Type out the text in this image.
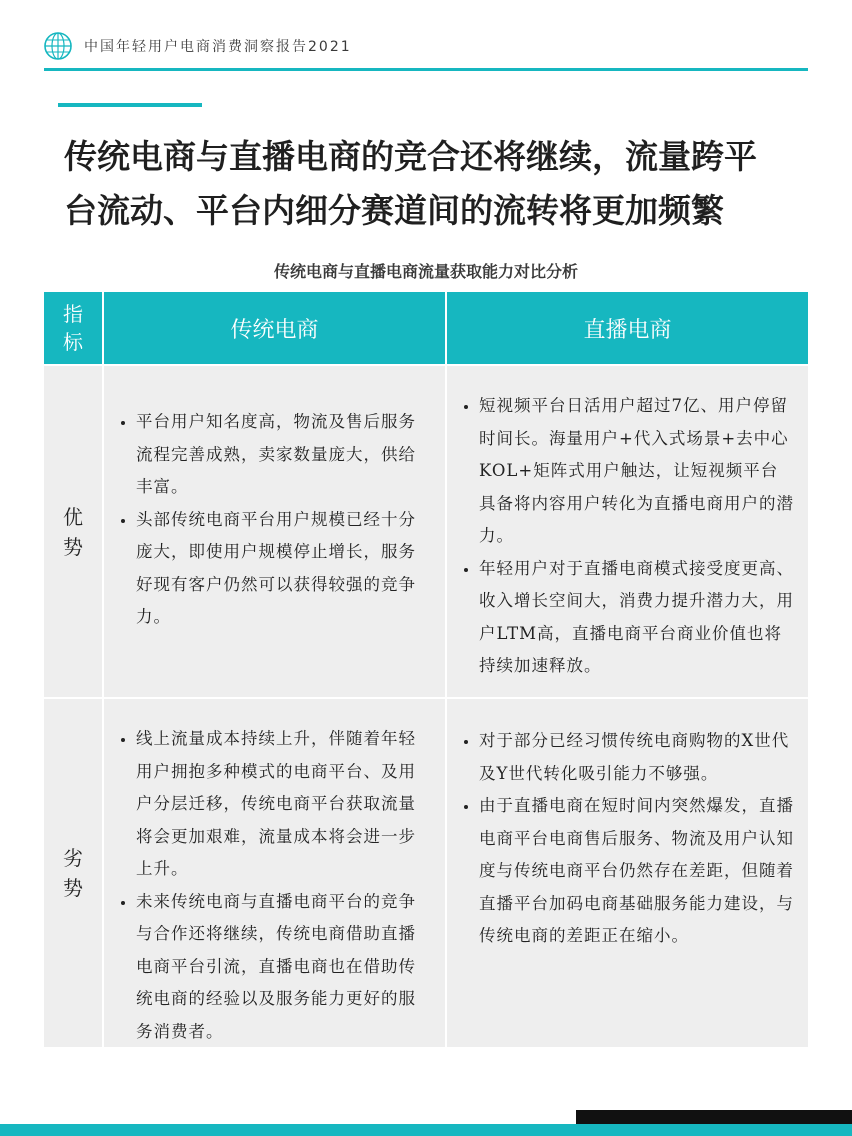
中国年轻用户电商消费洞察报告2021
传统电商与直播电商的竞合还将继续，流量跨平
台流动、平台内细分赛道间的流转将更加频繁
传统电商与直播电商流量获取能力对比分析
指
标	传统电商	直播电商
优
势
• 平台用户知名度高，物流及售后服务流程完善成熟，卖家数量庞大，供给丰富。
• 头部传统电商平台用户规模已经十分庞大，即使用户规模停止增长，服务好现有客户仍然可以获得较强的竞争力。
• 短视频平台日活用户超过7亿、用户停留时间长。海量用户+代入式场景+去中心KOL+矩阵式用户触达，让短视频平台具备将内容用户转化为直播电商用户的潜力。
• 年轻用户对于直播电商模式接受度更高、收入增长空间大，消费力提升潜力大，用户LTM高，直播电商平台商业价值也将持续加速释放。
劣
势
• 线上流量成本持续上升，伴随着年轻用户拥抱多种模式的电商平台、及用户分层迁移，传统电商平台获取流量将会更加艰难，流量成本将会进一步上升。
• 未来传统电商与直播电商平台的竞争与合作还将继续，传统电商借助直播电商平台引流，直播电商也在借助传统电商的经验以及服务能力更好的服务消费者。
• 对于部分已经习惯传统电商购物的X世代及Y世代转化吸引能力不够强。
• 由于直播电商在短时间内突然爆发，直播电商平台电商售后服务、物流及用户认知度与传统电商平台仍然存在差距，但随着直播平台加码电商基础服务能力建设，与传统电商的差距正在缩小。
